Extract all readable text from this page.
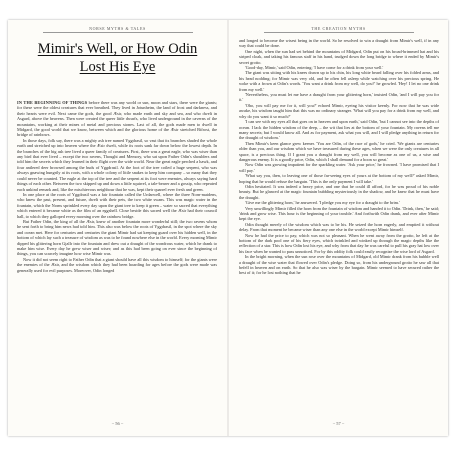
NORSE MYTHS & TALES
Mimir's Well, or How Odin
Lost His Eye

IN THE BEGINNING OF THINGS before there was any world or sun, moon and stars, there were the giants; for these were the oldest creatures that ever breathed. They lived in Jotunheim, the land of frost and darkness, and their hearts were evil. Next came the gods, the good Æsir, who made earth and sky and sea, and who dwelt in Asgard, above the heavens. Then were created the queer little dwarfs, who lived underground in the caverns of the mountains, working at their mines of metal and precious stones. Last of all, the gods made men to dwell in Midgard, the good world that we know, between which and the glorious home of the Æsir stretched Bifrost, the bridge of rainbows.

In those days, folk say, there was a mighty ash tree named Yggdrasil, so vast that its branches shaded the whole earth and stretched up into heaven where the Æsir dwelt, while its roots sank far down below the lowest depth. In the branches of the big ash tree lived a queer family of creatures. First, there was a great eagle, who was wiser than any bird that ever lived – except the two ravens, Thought and Memory, who sat upon Father Odin's shoulders and told him the secrets which they learned in their flight over the wide world. Near the great eagle perched a hawk, and four antlered deer browsed among the buds of Yggdrasil. At the foot of the tree coiled a huge serpent, who was always gnawing hungrily at its roots, with a whole colony of little snakes to keep him company – so many that they could never be counted. The eagle at the top of the tree and the serpent at its foot were enemies, always saying hard things of each other. Between the two skipped up and down a little squirrel, a tale-bearer and a gossip, who repeated each unkind remark and, like the mischievous neighbour that he was, kept their quarrel ever fresh and green.

In one place at the roots of Yggdrasil was a fair fountain called the Urdarwell, where the three Norn-maidens, who knew the past, present, and future, dwelt with their pets, the two white swans. This was magic water in the fountain, which the Norns sprinkled every day upon the giant tree to keep it green – water so sacred that everything which entered it became white as the film of an eggshell. Close beside this sacred well the Æsir had their council hall, to which they galloped every morning over the rainbow bridge.

But Father Odin, the king of all the Æsir, knew of another fountain more wonderful still; the two ravens whom he sent forth to bring him news had told him. This also was below the roots of Yggdrasil, in the spot where the sky and ocean met. Here for centuries and centuries the giant Mimir had sat keeping guard over his hidden well, in the bottom of which lay such a treasure of wisdom as was to be found nowhere else in the world. Every morning Mimir dipped his glittering horn Gjallr into the fountain and drew out a draught of the wondrous water, which he drank to make him wise. Every day he grew wiser and wiser; and as this had been going on ever since the beginning of things, you can scarcely imagine how wise Mimir was.

Now it did not seem right to Father Odin that a giant should have all this wisdom to himself; for the giants were the enemies of the Æsir, and the wisdom which they had been hoarding for ages before the gods were made was generally used for evil purposes. Moreover, Odin longed

~ 56 ~
THE CREATION MYTHS

and longed to become the wisest being in the world. So he resolved to win a draught from Mimir's well, if in any way that could be done.

One night, when the sun had set behind the mountains of Midgard, Odin put on his broad-brimmed hat and his striped cloak, and taking his famous staff in his hand, trudged down the long bridge to where it ended by Mimir's secret grotto.

'Good-day, Mimir,' said Odin, entering; 'I have come for a drink from your well.'

The giant was sitting with his knees drawn up to his chin, his long white beard falling over his folded arms, and his head nodding; for Mimir was very old, and he often fell asleep while watching over his precious spring. He woke with a frown at Odin's words. 'You want a drink from my well, do you?' he growled. 'Hey! I let no one drink from my well.'

'Nevertheless, you must let me have a draught from your glittering horn,' insisted Odin, 'and I will pay you for it.'

'Oho, you will pay me for it, will you?' echoed Mimir, eyeing his visitor keenly. For now that he was wide awake, his wisdom taught him that this was no ordinary stranger. 'What will you pay for a drink from my well, and why do you want it so much?'

'I can see with my eyes all that goes on in heaven and upon earth,' said Odin, 'but I cannot see into the depths of ocean. I lack the hidden wisdom of the deep, – the wit that lies at the bottom of your fountain. My ravens tell me many secrets; but I would know all. And as for payment, ask what you will, and I will pledge anything in return for the draught of wisdom.'

Then Mimir's keen glance grew keener. 'You are Odin, of the race of gods,' he cried. 'We giants are centuries older than you, and our wisdom which we have treasured during these ages, when we were the only creatures in all space, is a precious thing. If I grant you a draught from my well, you will become as one of us, a wise and dangerous enemy. It is a goodly price, Odin, which I shall demand for a boon so great.'

Now Odin was growing impatient for the sparkling water. 'Ask your price,' he frowned. 'I have promised that I will pay.'

'What say you, then, to leaving one of those far-seeing eyes of yours at the bottom of my well?' asked Mimir, hoping that he would refuse the bargain. 'This is the only payment I will take.'

Odin hesitated. It was indeed a heavy price, and one that he could ill afford, for he was proud of his noble beauty. But he glanced at the magic fountain bubbling mysteriously in the shadow, and he knew that he must have the draught.

'Give me the glittering horn,' he answered. 'I pledge you my eye for a draught to the brim.'

Very unwillingly Mimir filled the horn from the fountain of wisdom and handed it to Odin. 'Drink, then,' he said; 'drink and grow wise. This hour is the beginning of your trouble.' And forthwith Odin drank, and ever after Mimir kept the eye.

Odin thought merely of the wisdom which was to be his. He seized the horn eagerly, and emptied it without delay. From that moment he became wiser than any one else in the world except Mimir himself.

Now he had the price to pay, which was not so pleasant. When he went away from the grotto, he left at the bottom of the dark pool one of his fiery eyes, which twinkled and winked up through the magic depths like the reflection of a star. This is how Odin lost his eye, and why from that day he was careful to pull his gray hat low over his face when he wanted to pass unnoticed. For by this oddity folk could easily recognize the wise lord of Asgard.

In the bright morning, when the sun rose over the mountains of Midgard, old Mimir drank from his bubble well a draught of the wise water that flowed over Odin's pledge. Doing so, from his underground grotto he saw all that befell in heaven and on earth. So that he also was wiser by the bargain. Mimir seemed to have secured rather the best of it; for he lost nothing that he

~ 57 ~
